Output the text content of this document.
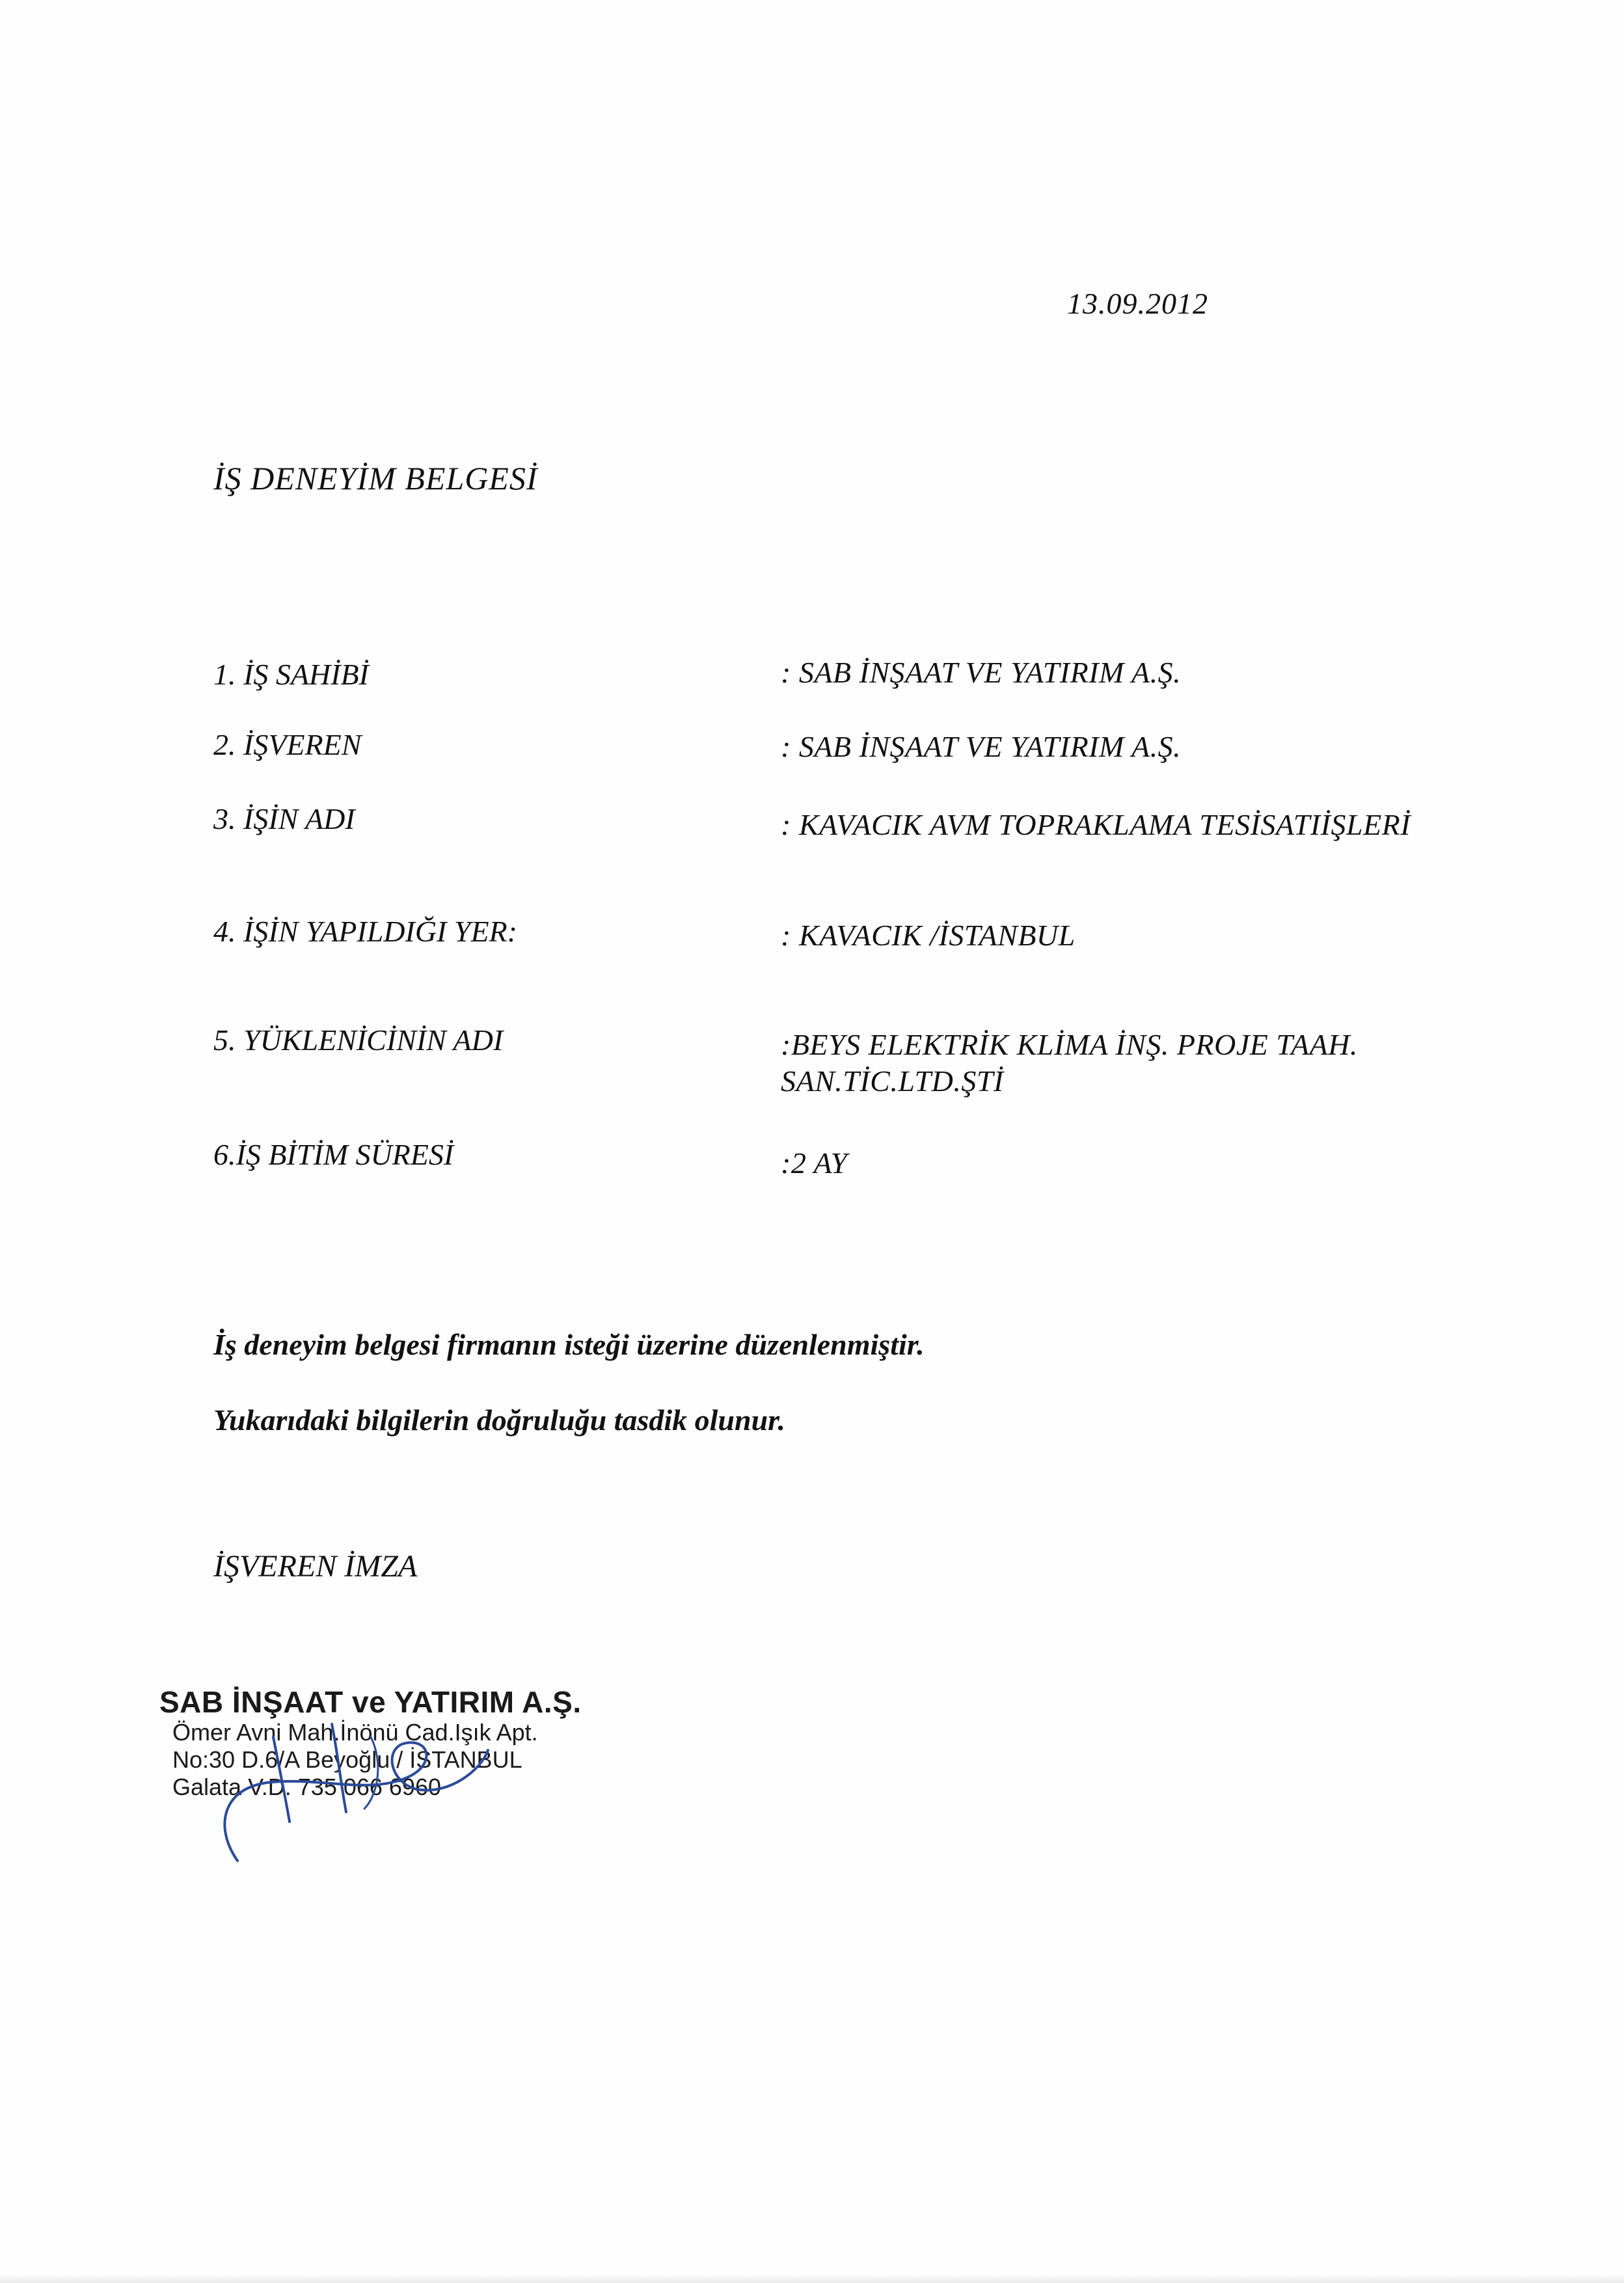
13.09.2012
İŞ DENEYİM BELGESİ
1. İŞ SAHİBİ	: SAB İNŞAAT VE YATIRIM A.Ş.
2. İŞVEREN	: SAB İNŞAAT VE YATIRIM A.Ş.
3. İŞİN ADI	: KAVACIK AVM TOPRAKLAMA TESİSATIİŞLERİ
4. İŞİN YAPILDIĞI YER:	: KAVACIK /İSTANBUL
5. YÜKLENİCİNİN ADI	:BEYS ELEKTRİK KLİMA İNŞ. PROJE TAAH.
SAN.TİC.LTD.ŞTİ
6.İŞ BİTİM SÜRESİ	:2 AY
İş deneyim belgesi firmanın isteği üzerine düzenlenmiştir.
Yukarıdaki bilgilerin doğruluğu tasdik olunur.
İŞVEREN İMZA
SAB İNŞAAT ve YATIRIM A.Ş.
Ömer Avni Mah.İnönü Cad.Işık Apt.
No:30 D.6/A Beyoğlu / İSTANBUL
Galata V.D. 735 066 6960
